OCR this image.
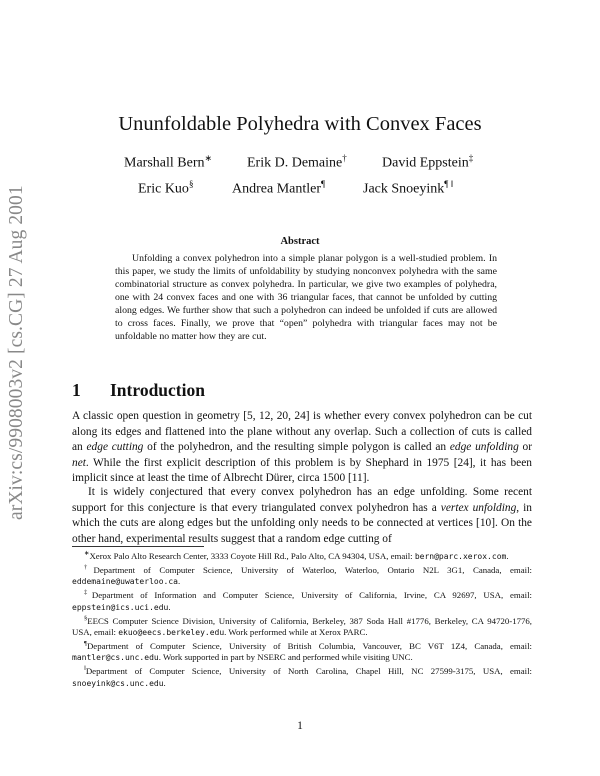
arXiv:cs/9908003v2 [cs.CG] 27 Aug 2001
Ununfoldable Polyhedra with Convex Faces
Marshall Bern∗ Erik D. Demaine†	David Eppstein‡
Eric Kuo§	Andrea Mantler¶	Jack Snoeyink¶ ‖
Abstract
Unfolding a convex polyhedron into a simple planar polygon is a well-studied problem. In this paper, we study the limits of unfoldability by studying nonconvex polyhedra with the same combinatorial structure as convex polyhedra. In particular, we give two examples of polyhedra, one with 24 convex faces and one with 36 triangular faces, that cannot be unfolded by cutting along edges. We further show that such a polyhedron can indeed be unfolded if cuts are allowed to cross faces. Finally, we prove that “open” polyhedra with triangular faces may not be unfoldable no matter how they are cut.
1 Introduction
A classic open question in geometry [5, 12, 20, 24] is whether every convex polyhedron can be cut along its edges and flattened into the plane without any overlap. Such a collection of cuts is called an edge cutting of the polyhedron, and the resulting simple polygon is called an edge unfolding or net. While the first explicit description of this problem is by Shephard in 1975 [24], it has been implicit since at least the time of Albrecht Dürer, circa 1500 [11].
It is widely conjectured that every convex polyhedron has an edge unfolding. Some recent support for this conjecture is that every triangulated convex polyhedron has a vertex unfolding, in which the cuts are along edges but the unfolding only needs to be connected at vertices [10]. On the other hand, experimental results suggest that a random edge cutting of

∗Xerox Palo Alto Research Center, 3333 Coyote Hill Rd., Palo Alto, CA 94304, USA, email: bern@parc.xerox.com.

†Department of Computer Science, University of Waterloo, Waterloo, Ontario N2L 3G1, Canada, email: eddemaine@uwaterloo.ca.

‡Department of Information and Computer Science, University of California, Irvine, CA 92697, USA, email: eppstein@ics.uci.edu.

§EECS Computer Science Division, University of California, Berkeley, 387 Soda Hall #1776, Berkeley, CA 94720-1776, USA, email: ekuo@eecs.berkeley.edu. Work performed while at Xerox PARC.

¶Department of Computer Science, University of British Columbia, Vancouver, BC V6T 1Z4, Canada, email: mantler@cs.unc.edu. Work supported in part by NSERC and performed while visiting UNC.

‖Department of Computer Science, University of North Carolina, Chapel Hill, NC 27599-3175, USA, email: snoeyink@cs.unc.edu.

1
